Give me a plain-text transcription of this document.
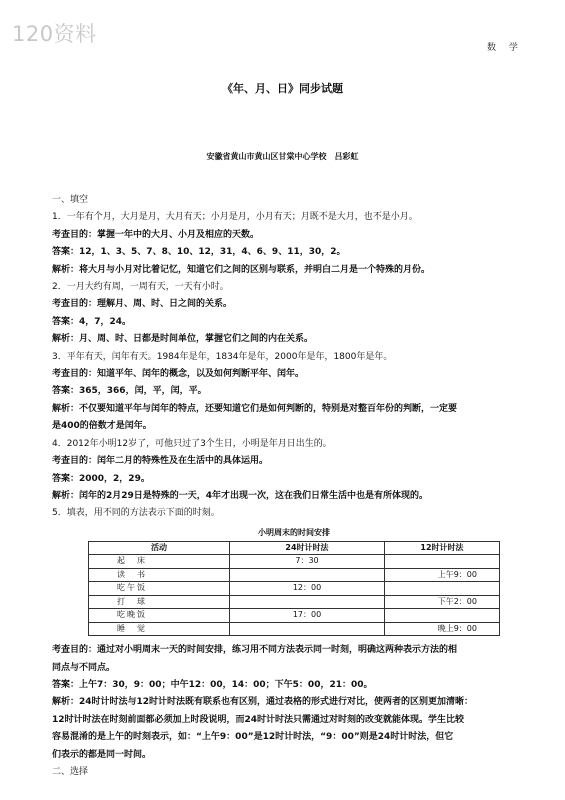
120资料
数 学
《年、月、日》同步试题
安徽省黄山市黄山区甘棠中心学校　吕彩虹

一、填空

1．一年有个月，大月是月，大月有天；小月是月，小月有天；月既不是大月，也不是小月。

考查目的：掌握一年中的大月、小月及相应的天数。

答案：12，1、3、5、7、8、10、12，31，4、6、9、11，30，2。

解析：将大月与小月对比着记忆，知道它们之间的区别与联系，并明白二月是一个特殊的月份。

2．一月大约有周，一周有天，一天有小时。

考查目的：理解月、周、时、日之间的关系。

答案：4，7，24。

解析：月、周、时、日都是时间单位，掌握它们之间的内在关系。

3．平年有天，闰年有天。1984年是年，1834年是年，2000年是年，1800年是年。

考查目的：知道平年、闰年的概念，以及如何判断平年、闰年。

答案：365，366，闰，平，闰，平。

解析：不仅要知道平年与闰年的特点，还要知道它们是如何判断的，特别是对整百年份的判断，一定要

是400的倍数才是闰年。

4．2012年小明12岁了，可他只过了3个生日，小明是年月日出生的。

考查目的：闰年二月的特殊性及在生活中的具体运用。

答案：2000，2，29。

解析：闰年的2月29日是特殊的一天，4年才出现一次，这在我们日常生活中也是有所体现的。

5．填表，用不同的方法表示下面的时刻。

小明周末的时间安排
活动	24时计时法	12时计时法
起　床	7：30	
读　书		上午9：00
吃午饭	12：00	
打　球		下午2：00
吃晚饭	17：00	
睡　觉		晚上9：00

考查目的：通过对小明周末一天的时间安排，练习用不同方法表示同一时刻，明确这两种表示方法的相

同点与不同点。

答案：上午7：30，9：00；中午12：00，14：00；下午5：00，21：00。

解析：24时计时法与12时计时法既有联系也有区别，通过表格的形式进行对比，使两者的区别更加清晰：

12时计时法在时刻前面都必须加上时段说明，而24时计时法只需通过对时刻的改变就能体现。学生比较

容易混淆的是上午的时刻表示，如：“上午9：00”是12时计时法，“9：00”则是24时计时法，但它

们表示的都是同一时间。

二、选择
